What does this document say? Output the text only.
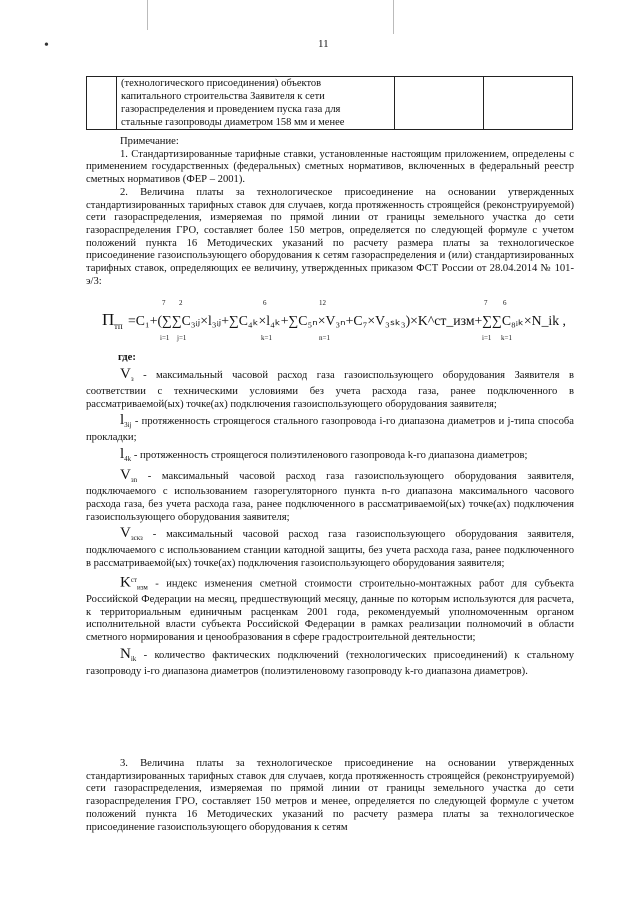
•	11

(технологического присоединения) объектов
капитального строительства Заявителя к сети
газораспределения и проведением пуска газа для
стальные газопроводы диаметром 158 мм и менее

Примечание:

1. Стандартизированные тарифные ставки, установленные настоящим приложением, определены с применением государственных (федеральных) сметных нормативов, включенных в федеральный реестр сметных нормативов (ФЕР – 2001).

2. Величина платы за технологическое присоединение на основании утвержденных стандартизированных тарифных ставок для случаев, когда протяженность строящейся (реконструируемой) сети газораспределения, измеряемая по прямой линии от границы земельного участка до сети газораспределения ГРО, составляет более 150 метров, определяется по следующей формуле с учетом положений пункта 16 Методических указаний по расчету размера платы за технологическое присоединение газоиспользующего оборудования к сетям газораспределения и (или) стандартизированных тарифных ставок, определяющих ее величину, утвержденных приказом ФСТ России от 28.04.2014 № 101-э/3:

П тп =C₁+(∑∑C₃ᵢⱼ×l₃ᵢⱼ+∑C₄ₖ×l₄ₖ+∑C₅ₙ×V₃ₙ+C₇×V₃ₛₖ₃)×K^ст_изм+∑∑C₈ᵢₖ×N_ik ,
7
i=1
2
j=1
6
k=1
12
n=1
7
i=1
6
k=1
где:

$V_з$ - максимальный часовой расход газа газоиспользующего оборудования Заявителя в соответствии с техническими условиями без учета расхода газа, ранее подключенного в рассматриваемой(ых) точке(ах) подключения газоиспользующего оборудования заявителя;

$l_{3ij}$ - протяженность строящегося стального газопровода i-го диапазона диаметров и j-типа способа прокладки;

$l_{4k}$ - протяженность строящегося полиэтиленового газопровода k-го диапазона диаметров;

$V_{зn}$ - максимальный часовой расход газа газоиспользующего оборудования заявителя, подключаемого с использованием газорегуляторного пункта n-го диапазона максимального часового расхода газа, без учета расхода газа, ранее подключенного в рассматриваемой(ых) точке(ах) подключения газоиспользующего оборудования заявителя;

$V_{зскз}$ - максимальный часовой расход газа газоиспользующего оборудования заявителя, подключаемого с использованием станции катодной защиты, без учета расхода газа, ранее подключенного в рассматриваемой(ых) точке(ах) подключения газоиспользующего оборудования заявителя;

$K^{ст}_{изм}$ - индекс изменения сметной стоимости строительно-монтажных работ для субъекта Российской Федерации на месяц, предшествующий месяцу, данные по которым используются для расчета, к территориальным единичным расценкам 2001 года, рекомендуемый уполномоченным органом исполнительной власти субъекта Российской Федерации в рамках реализации полномочий в области сметного нормирования и ценообразования в сфере градостроительной деятельности;

$N_{ik}$ - количество фактических подключений (технологических присоединений) к стальному газопроводу i-го диапазона диаметров (полиэтиленовому газопроводу k-го диапазона диаметров).

3. Величина платы за технологическое присоединение на основании утвержденных стандартизированных тарифных ставок для случаев, когда протяженность строящейся (реконструируемой) сети газораспределения, измеряемая по прямой линии от границы земельного участка до сети газораспределения ГРО, составляет 150 метров и менее, определяется по следующей формуле с учетом положений пункта 16 Методических указаний по расчету размера платы за технологическое присоединение газоиспользующего оборудования к сетям
